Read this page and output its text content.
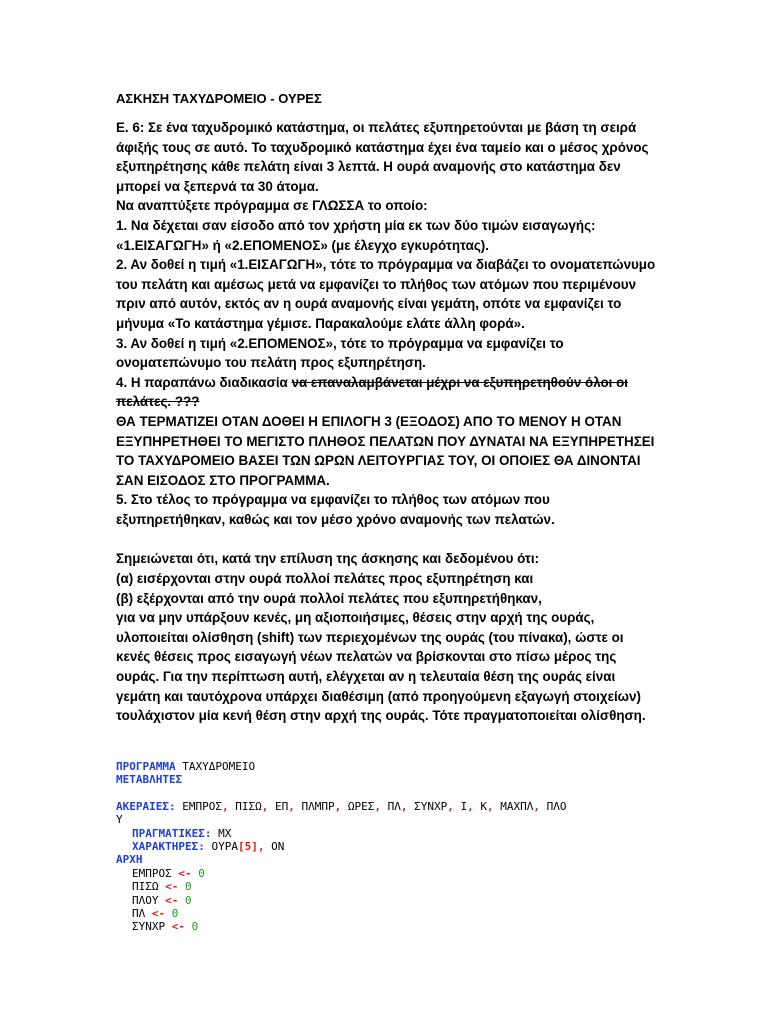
ΑΣΚΗΣΗ ΤΑΧΥΔΡΟΜΕΙΟ - ΟΥΡΕΣ

Ε. 6: Σε ένα ταχυδρομικό κατάστημα, οι πελάτες εξυπηρετούνται με βάση τη σειρά άφιξής τους σε αυτό. Το ταχυδρομικό κατάστημα έχει ένα ταμείο και ο μέσος χρόνος εξυπηρέτησης κάθε πελάτη είναι 3 λεπτά. Η ουρά αναμονής στο κατάστημα δεν μπορεί να ξεπερνά τα 30 άτομα.

Να αναπτύξετε πρόγραμμα σε ΓΛΩΣΣΑ το οποίο:

1. Να δέχεται σαν είσοδο από τον χρήστη μία εκ των δύο τιμών εισαγωγής: «1.ΕΙΣΑΓΩΓΗ» ή «2.ΕΠΟΜΕΝΟΣ» (με έλεγχο εγκυρότητας).

2. Αν δοθεί η τιμή «1.ΕΙΣΑΓΩΓΗ», τότε το πρόγραμμα να διαβάζει το ονοματεπώνυμο του πελάτη και αμέσως μετά να εμφανίζει το πλήθος των ατόμων που περιμένουν πριν από αυτόν, εκτός αν η ουρά αναμονής είναι γεμάτη, οπότε να εμφανίζει το μήνυμα «Το κατάστημα γέμισε. Παρακαλούμε ελάτε άλλη φορά».

3. Αν δοθεί η τιμή «2.ΕΠΟΜΕΝΟΣ», τότε το πρόγραμμα να εμφανίζει το ονοματεπώνυμο του πελάτη προς εξυπηρέτηση.

4. Η παραπάνω διαδικασία να επαναλαμβάνεται μέχρι να εξυπηρετηθούν όλοι οι πελάτες. ???

ΘΑ ΤΕΡΜΑΤΙΖΕΙ ΟΤΑΝ ΔΟΘΕΙ Η ΕΠΙΛΟΓΗ 3 (ΕΞΟΔΟΣ) ΑΠΟ ΤΟ ΜΕΝΟΥ Η ΟΤΑΝ ΕΞΥΠΗΡΕΤΗΘΕΙ ΤΟ ΜΕΓΙΣΤΟ ΠΛΗΘΟΣ ΠΕΛΑΤΩΝ ΠΟΥ ΔΥΝΑΤΑΙ ΝΑ ΕΞΥΠΗΡΕΤΗΣΕΙ ΤΟ ΤΑΧΥΔΡΟΜΕΙΟ ΒΑΣΕΙ ΤΩΝ ΩΡΩΝ ΛΕΙΤΟΥΡΓΙΑΣ ΤΟΥ, ΟΙ ΟΠΟΙΕΣ ΘΑ ΔΙΝΟΝΤΑΙ ΣΑΝ ΕΙΣΟΔΟΣ ΣΤΟ ΠΡΟΓΡΑΜΜΑ.

5. Στο τέλος το πρόγραμμα να εμφανίζει το πλήθος των ατόμων που εξυπηρετήθηκαν, καθώς και τον μέσο χρόνο αναμονής των πελατών.

Σημειώνεται ότι, κατά την επίλυση της άσκησης και δεδομένου ότι:

(α) εισέρχονται στην ουρά πολλοί πελάτες προς εξυπηρέτηση και

(β) εξέρχονται από την ουρά πολλοί πελάτες που εξυπηρετήθηκαν,

για να μην υπάρξουν κενές, μη αξιοποιήσιμες, θέσεις στην αρχή της ουράς, υλοποιείται ολίσθηση (shift) των περιεχομένων της ουράς (του πίνακα), ώστε οι κενές θέσεις προς εισαγωγή νέων πελατών να βρίσκονται στο πίσω μέρος της ουράς. Για την περίπτωση αυτή, ελέγχεται αν η τελευταία θέση της ουράς είναι γεμάτη και ταυτόχρονα υπάρχει διαθέσιμη (από προηγούμενη εξαγωγή στοιχείων) τουλάχιστον μία κενή θέση στην αρχή της ουράς. Τότε πραγματοποιείται ολίσθηση.

ΠΡΟΓΡΑΜΜΑ ΤΑΧΥΔΡΟΜΕΙΟ
ΜΕΤΑΒΛΗΤΕΣ
ΑΚΕΡΑΙΕΣ: ΕΜΠΡΟΣ, ΠΙΣΩ, ΕΠ, ΠΛΜΠΡ, ΩΡΕΣ, ΠΛ, ΣΥΝΧΡ, Ι, Κ, ΜΑΧΠΛ, ΠΛΟ
Υ
ΠΡΑΓΜΑΤΙΚΕΣ: ΜΧ
ΧΑΡΑΚΤΗΡΕΣ: ΟΥΡΑ[5], ΟΝ
ΑΡΧΗ
ΕΜΠΡΟΣ <- 0
ΠΙΣΩ <- 0
ΠΛΟΥ <- 0
ΠΛ <- 0
ΣΥΝΧΡ <- 0
